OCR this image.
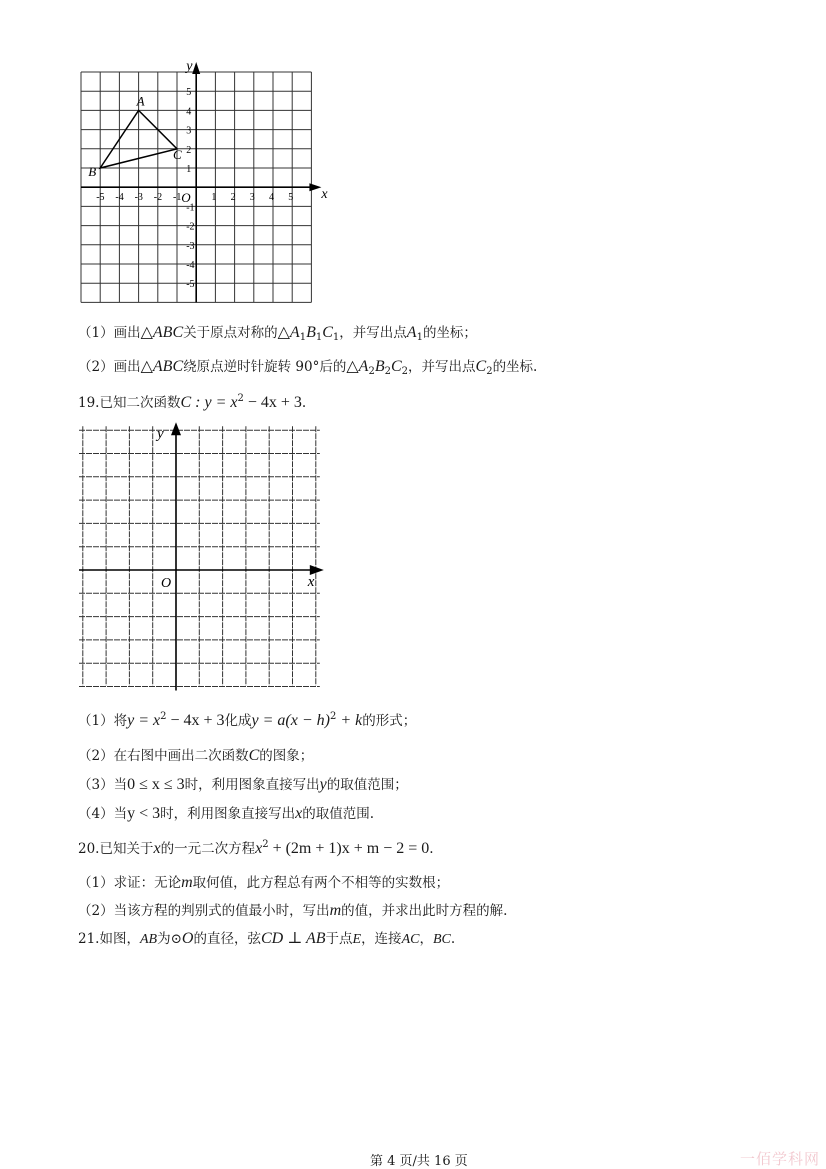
x
y
O
-5 -4 -3 -2 -1	1 2 3 4 5
5
4
3
2
1
-1
-2
-3
-4
-5
A
B
C
（1）画出△ABC关于原点对称的$\triangle A_1B_1C_1$，并写出点$A_1$的坐标；
（2）画出△ABC绕原点逆时针旋转 90°后的$\triangle A_2B_2C_2$，并写出点$C_2$的坐标.
19.已知二次函数C : $y = x^2 - 4x + 3$.
x
y
O
（1）将$y = x^2 - 4x + 3$化成$y = a(x - h)^2 + k$的形式；
（2）在右图中画出二次函数C的图象；
（3）当0 ≤ x ≤ 3时，利用图象直接写出y的取值范围；
（4）当y < 3时，利用图象直接写出x的取值范围.
20.已知关于x的一元二次方程$x^2 + (2m + 1)x + m - 2 = 0$.
（1）求证：无论m取何值，此方程总有两个不相等的实数根；
（2）当该方程的判别式的值最小时，写出m的值，并求出此时方程的解.
21.如图，AB为⊙O的直径，弦CD ⊥ AB于点E，连接AC，BC.
第 4 页/共 16 页	一佰学科网
